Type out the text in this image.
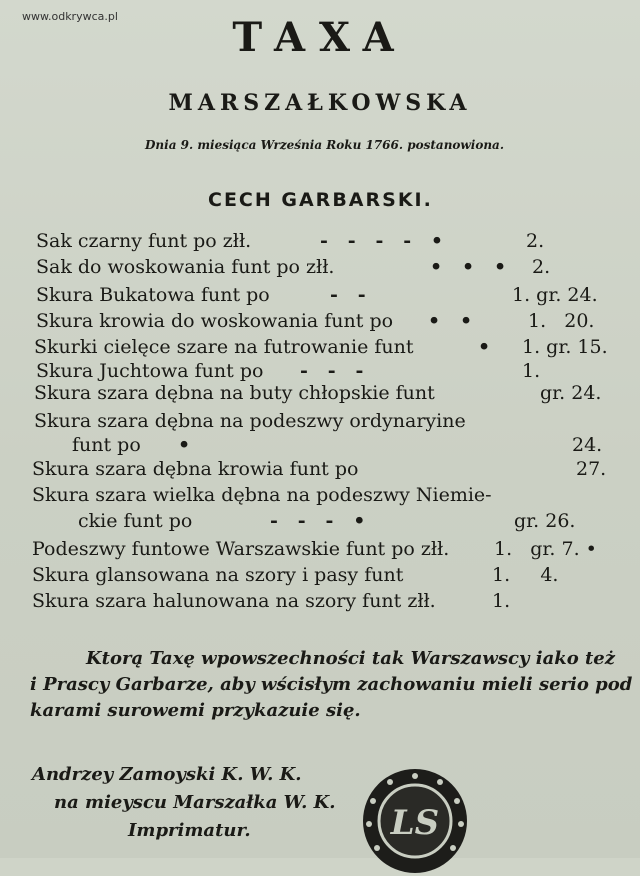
www.odkrywca.pl	TAXA
MARSZAŁKOWSKA
Dnia 9. miesiąca Września Roku 1766. postanowiona.
CECH GARBARSKI.
Sak czarny funt po złł.	-   -   -   -   •	2.
Sak do woskowania funt po złł.	•   •   • 2.
Skura Bukatowa funt po	-   -	1. gr. 24.
Skura krowia do woskowania funt po •   •	1.   20.
Skurki cielęce szare na futrowanie funt	• 1. gr. 15.
Skura Juchtowa funt po -   -   -	1.
Skura szara dębna na buty chłopskie funt	gr. 24.
Skura szara dębna na podeszwy ordynaryine
funt po •	24.
Skura szara dębna krowia funt po	27.
Skura szara wielka dębna na podeszwy Niemie-
ckie funt po	-   -   -   •	gr. 26.
Podeszwy funtowe Warszawskie funt po złł. 1.   gr. 7. •
Skura glansowana na szory i pasy funt	1.     4.
Skura szara halunowana na szory funt złł.	1.
Ktorą Taxę wpowszechności tak Warszawscy iako też
i Prascy Garbarze, aby wścisłym zachowaniu mieli serio pod
karami surowemi przykazuie się.
Andrzey Zamoyski K. W. K.
na mieyscu Marszałka W. K.
Imprimatur.	LS
